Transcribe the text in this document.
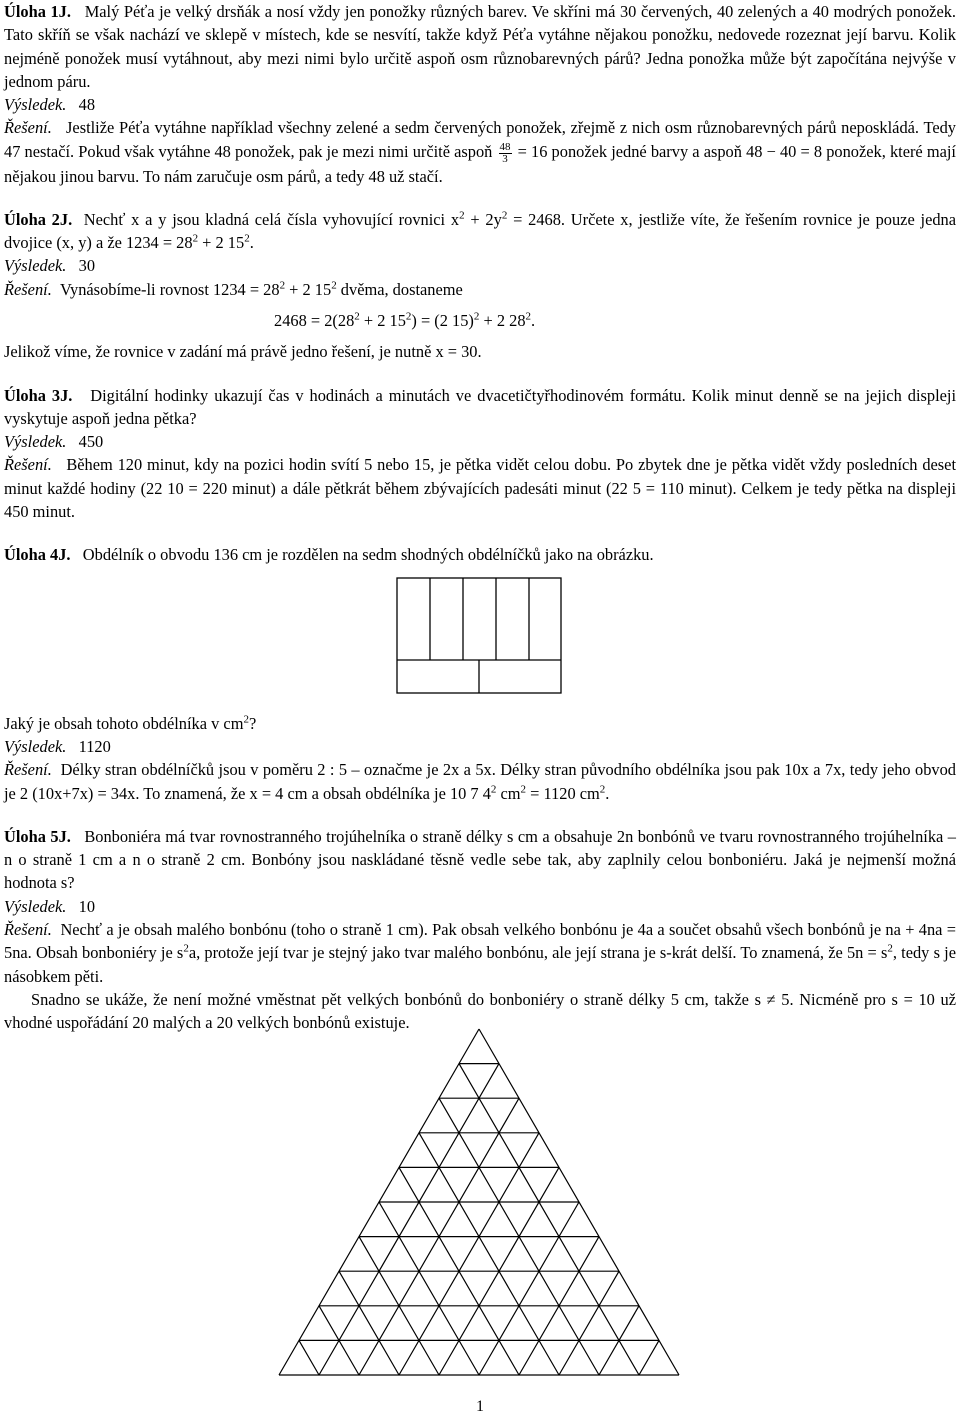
Úloha 1J. Malý Péťa je velký drsňák a nosí vždy jen ponožky různých barev. Ve skříni má 30 červených, 40 zelených a 40 modrých ponožek. Tato skříň se však nachází ve sklepě v místech, kde se nesvítí, takže když Péťa vytáhne nějakou ponožku, nedovede rozeznat její barvu. Kolik nejméně ponožek musí vytáhnout, aby mezi nimi bylo určitě aspoň osm různobarevných párů? Jedna ponožka může být započítána nejvýše v jednom páru.

Výsledek. 48

Řešení. Jestliže Péťa vytáhne například všechny zelené a sedm červených ponožek, zřejmě z nich osm různobarevných párů neposkládá. Tedy 47 nestačí. Pokud však vytáhne 48 ponožek, pak je mezi nimi určitě aspoň $\frac{48}{3} = 16$ ponožek jedné barvy a aspoň 48 − 40 = 8 ponožek, které mají nějakou jinou barvu. To nám zaručuje osm párů, a tedy 48 už stačí.

Úloha 2J. Nechť x a y jsou kladná celá čísla vyhovující rovnici $x^2 + 2y^2 = 2468$. Určete x, jestliže víte, že řešením rovnice je pouze jedna dvojice (x, y) a že $1234 = 28^2 + 2$ $15^2$.

Výsledek. 30

Řešení. Vynásobíme-li rovnost $1234 = 28^2 + 2$ $15^2$ dvěma, dostaneme

$2468 = 2(28^2 + 2$ $15^2) = (2$ 15)$^2$ + 2 $28^2$.

Jelikož víme, že rovnice v zadání má právě jedno řešení, je nutně x = 30.

Úloha 3J. Digitální hodinky ukazují čas v hodinách a minutách ve dvacetičtyřhodinovém formátu. Kolik minut denně se na jejich displeji vyskytuje aspoň jedna pětka?

Výsledek. 450

Řešení. Během 120 minut, kdy na pozici hodin svítí 5 nebo 15, je pětka vidět celou dobu. Po zbytek dne je pětka vidět vždy posledních deset minut každé hodiny (22 10 = 220 minut) a dále pětkrát během zbývajících padesáti minut (22 5 = 110 minut). Celkem je tedy pětka na displeji 450 minut.

Úloha 4J. Obdélník o obvodu 136 cm je rozdělen na sedm shodných obdélníčků jako na obrázku.

Jaký je obsah tohoto obdélníka v $cm^2$?

Výsledek. 1120

Řešení. Délky stran obdélníčků jsou v poměru 2 : 5 – označme je 2x a 5x. Délky stran původního obdélníka jsou pak 10x a 7x, tedy jeho obvod je 2 (10x+7x) = 34x. To znamená, že x = 4 cm a obsah obdélníka je 10 7 $4^2$ $cm^2 = 1120$ $cm^2$.

Úloha 5J. Bonboniéra má tvar rovnostranného trojúhelníka o straně délky s cm a obsahuje 2n bonbónů ve tvaru rovnostranného trojúhelníka – n o straně 1 cm a n o straně 2 cm. Bonbóny jsou naskládané těsně vedle sebe tak, aby zaplnily celou bonboniéru. Jaká je nejmenší možná hodnota s?

Výsledek. 10

Řešení. Nechť a je obsah malého bonbónu (toho o straně 1 cm). Pak obsah velkého bonbónu je 4a a součet obsahů všech bonbónů je na + 4na = 5na. Obsah bonboniéry je $s^2a$, protože její tvar je stejný jako tvar malého bonbónu, ale její strana je s-krát delší. To znamená, že $5n = s^2$, tedy s je násobkem pěti.

Snadno se ukáže, že není možné vměstnat pět velkých bonbónů do bonboniéry o straně délky 5 cm, takže s ≠ 5. Nicméně pro s = 10 už vhodné uspořádání 20 malých a 20 velkých bonbónů existuje.

1
